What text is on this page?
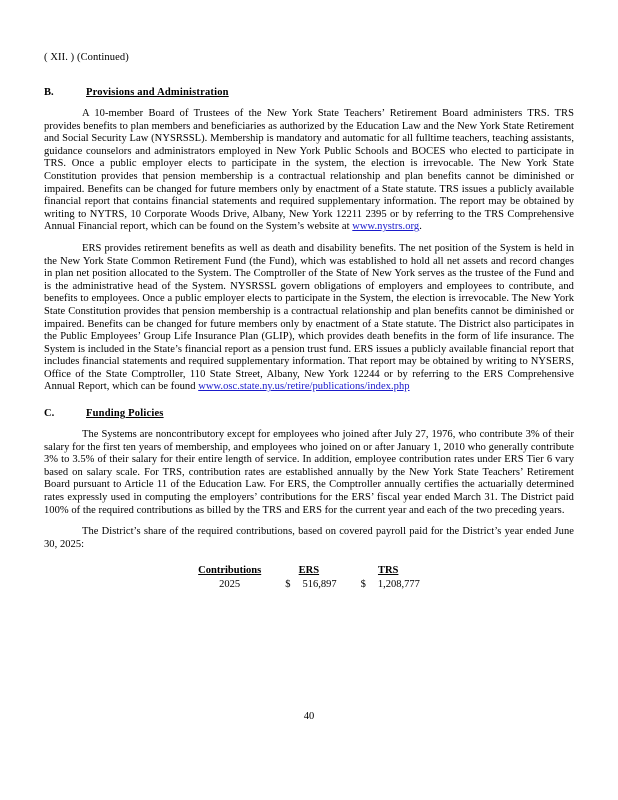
( XII. ) (Continued)
B.	Provisions and Administration

A 10-member Board of Trustees of the New York State Teachers’ Retirement Board administers TRS. TRS provides benefits to plan members and beneficiaries as authorized by the Education Law and the New York State Retirement and Social Security Law (NYSRSSL). Membership is mandatory and automatic for all fulltime teachers, teaching assistants, guidance counselors and administrators employed in New York Public Schools and BOCES who elected to participate in TRS. Once a public employer elects to participate in the system, the election is irrevocable. The New York State Constitution provides that pension membership is a contractual relationship and plan benefits cannot be diminished or impaired. Benefits can be changed for future members only by enactment of a State statute. TRS issues a publicly available financial report that contains financial statements and required supplementary information. The report may be obtained by writing to NYTRS, 10 Corporate Woods Drive, Albany, New York 12211 2395 or by referring to the TRS Comprehensive Annual Financial report, which can be found on the System’s website at www.nystrs.org.

ERS provides retirement benefits as well as death and disability benefits. The net position of the System is held in the New York State Common Retirement Fund (the Fund), which was established to hold all net assets and record changes in plan net position allocated to the System. The Comptroller of the State of New York serves as the trustee of the Fund and is the administrative head of the System. NYSRSSL govern obligations of employers and employees to contribute, and benefits to employees. Once a public employer elects to participate in the System, the election is irrevocable. The New York State Constitution provides that pension membership is a contractual relationship and plan benefits cannot be diminished or impaired. Benefits can be changed for future members only by enactment of a State statute. The District also participates in the Public Employees’ Group Life Insurance Plan (GLIP), which provides death benefits in the form of life insurance. The System is included in the State’s financial report as a pension trust fund. ERS issues a publicly available financial report that includes financial statements and required supplementary information. That report may be obtained by writing to NYSERS, Office of the State Comptroller, 110 State Street, Albany, New York 12244 or by referring to the ERS Comprehensive Annual Report, which can be found www.osc.state.ny.us/retire/publications/index.php

C.	Funding Policies

The Systems are noncontributory except for employees who joined after July 27, 1976, who contribute 3% of their salary for the first ten years of membership, and employees who joined on or after January 1, 2010 who generally contribute 3% to 3.5% of their salary for their entire length of service. In addition, employee contribution rates under ERS Tier 6 vary based on salary scale. For TRS, contribution rates are established annually by the New York State Teachers’ Retirement Board pursuant to Article 11 of the Education Law. For ERS, the Comptroller annually certifies the actuarially determined rates expressly used in computing the employers’ contributions for the ERS’ fiscal year ended March 31. The District paid 100% of the required contributions as billed by the TRS and ERS for the current year and each of the two preceding years.

The District’s share of the required contributions, based on covered payroll paid for the District’s year ended June 30, 2025:

Contributions	ERS		TRS	
2025	$	516,897	$	1,208,777
40
